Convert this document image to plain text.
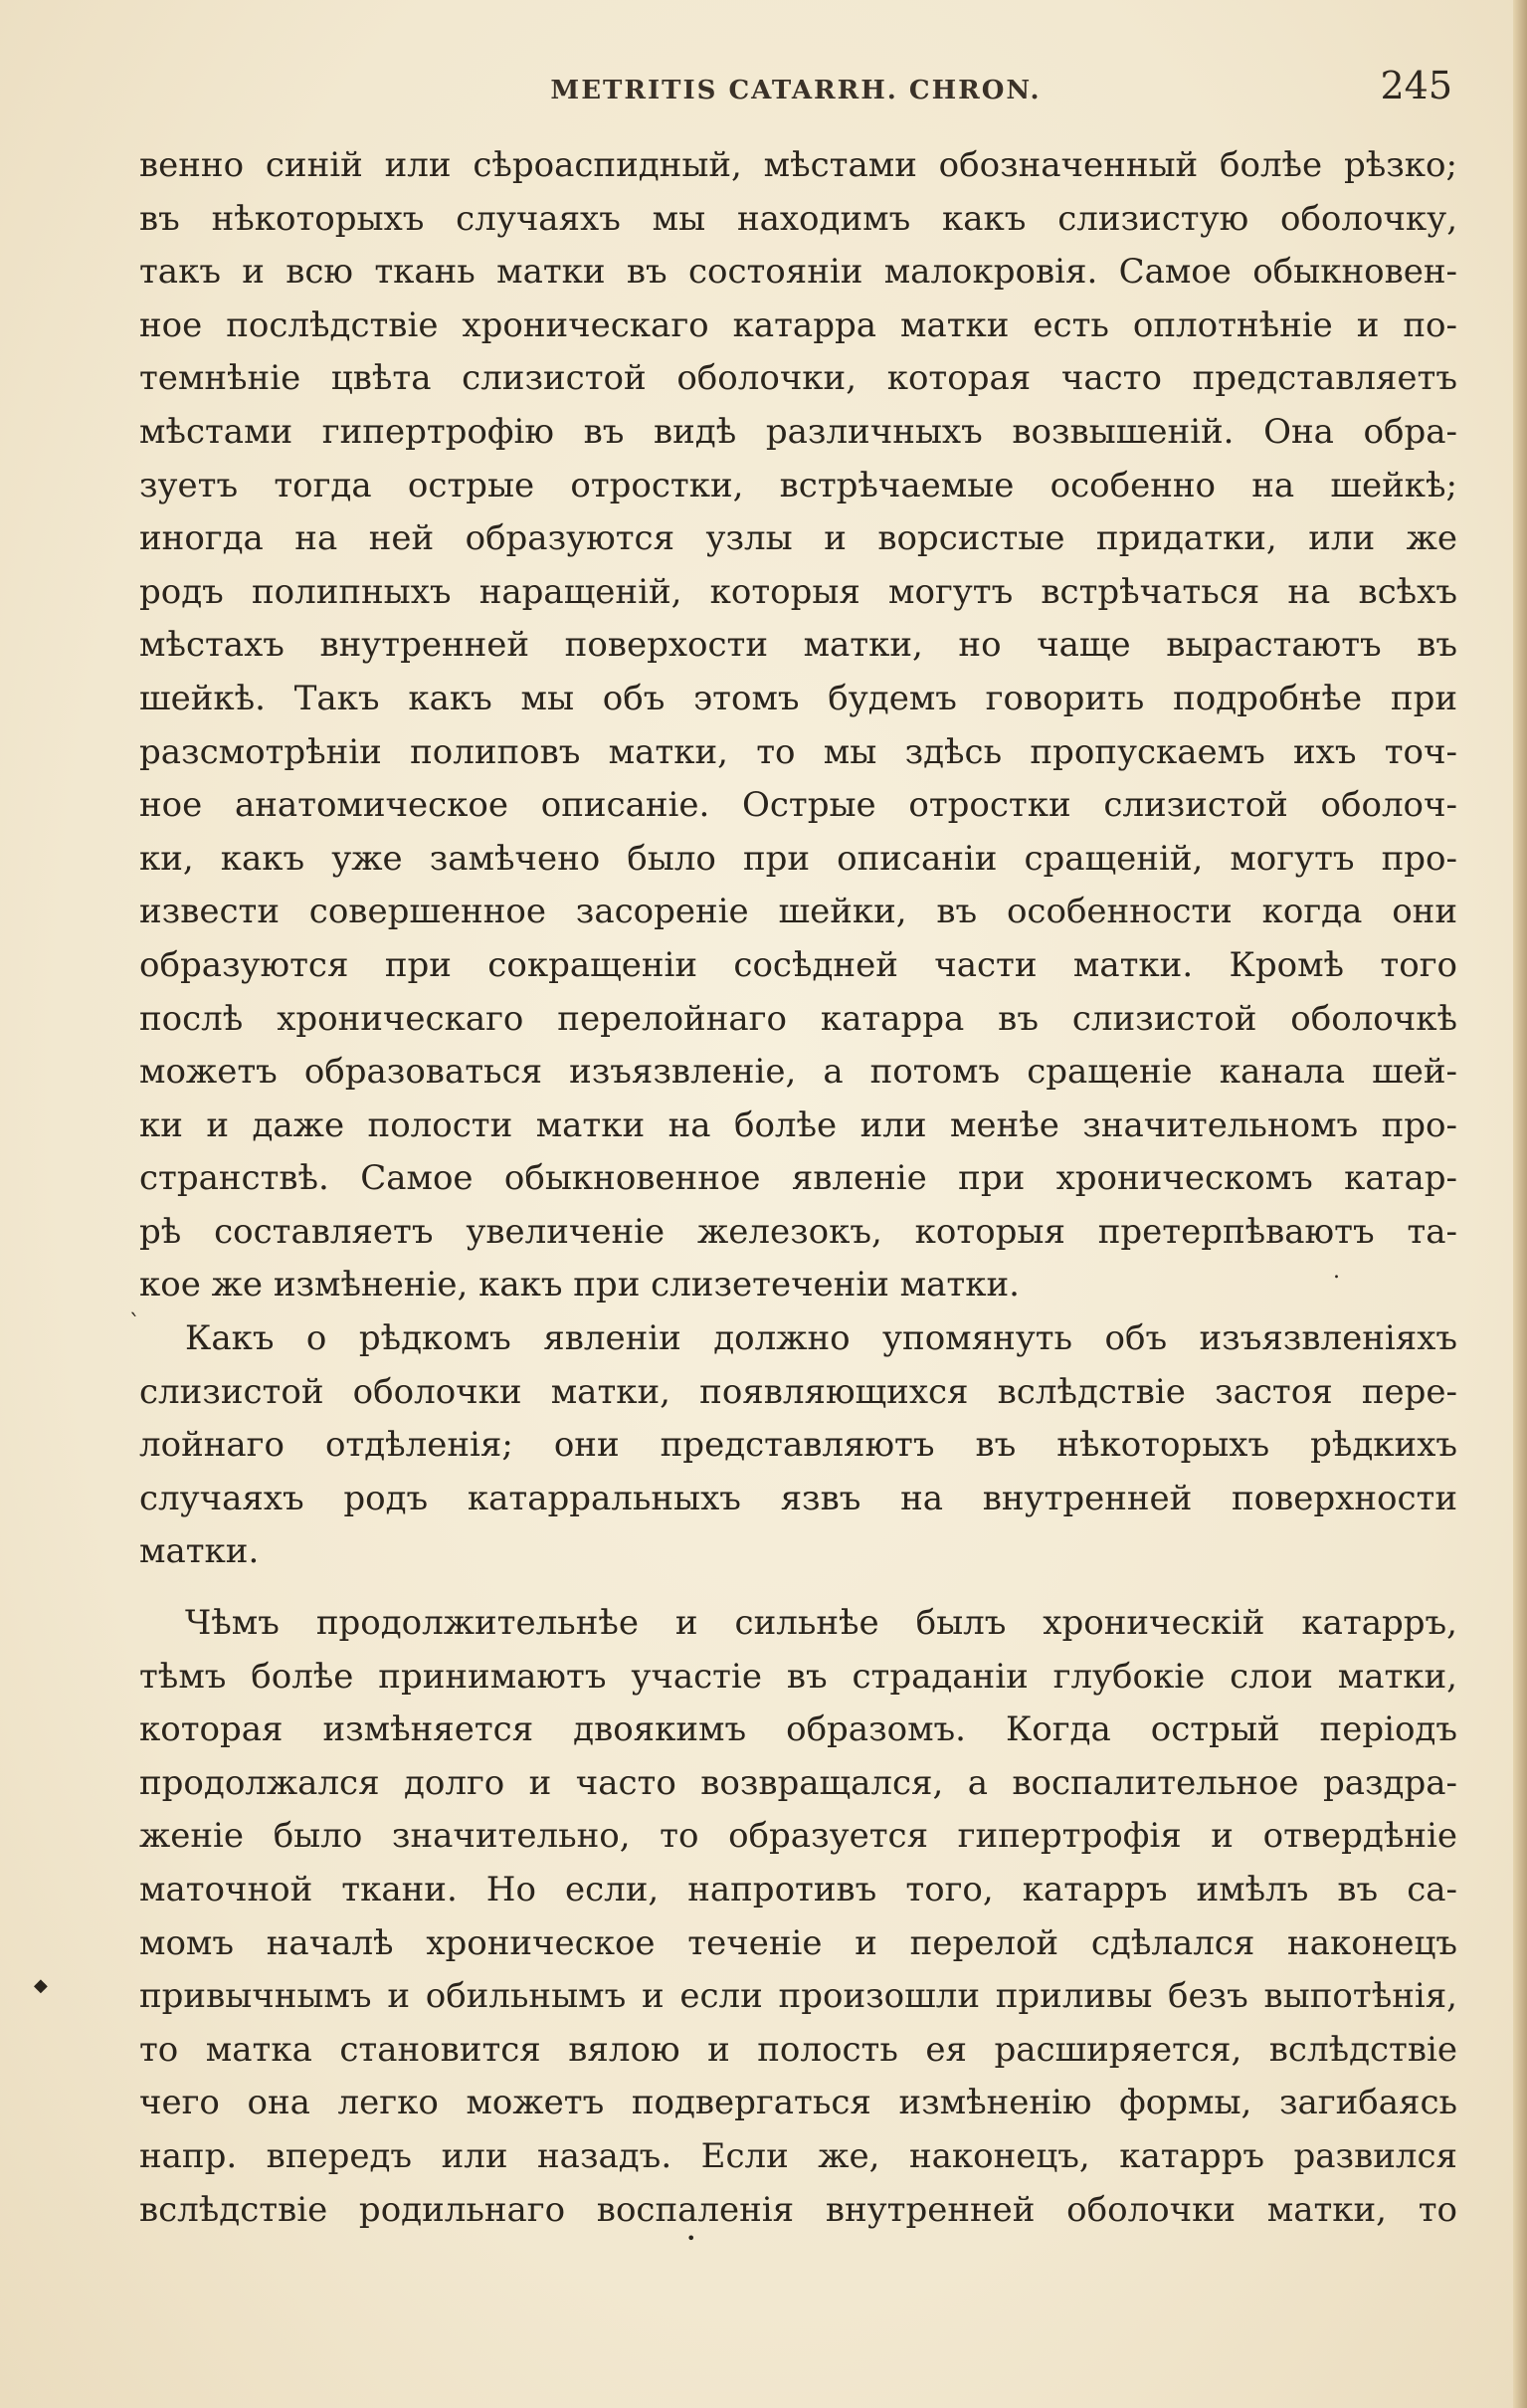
METRITIS CATARRH. CHRON.	245
венно синій или сѣроаспидный, мѣстами обозначенный болѣе рѣзко;
въ нѣкоторыхъ случаяхъ мы находимъ какъ слизистую оболочку,
такъ и всю ткань матки въ состояніи малокровія. Самое обыкновен-
ное послѣдствіе хроническаго катарра матки есть оплотнѣніе и по-
темнѣніе цвѣта слизистой оболочки, которая часто представляетъ
мѣстами гипертрофію въ видѣ различныхъ возвышеній. Она обра-
зуетъ тогда острые отростки, встрѣчаемые особенно на шейкѣ;
иногда на ней образуются узлы и ворсистые придатки, или же
родъ полипныхъ наращеній, которыя могутъ встрѣчаться на всѣхъ
мѣстахъ внутренней поверхости матки, но чаще вырастаютъ въ
шейкѣ. Такъ какъ мы объ этомъ будемъ говорить подробнѣе при
разсмотрѣніи полиповъ матки, то мы здѣсь пропускаемъ ихъ точ-
ное анатомическое описаніе. Острые отростки слизистой оболоч-
ки, какъ уже замѣчено было при описаніи сращеній, могутъ про-
извести совершенное засореніе шейки, въ особенности когда они
образуются при сокращеніи сосѣдней части матки. Кромѣ того
послѣ хроническаго перелойнаго катарра въ слизистой оболочкѣ
можетъ образоваться изъязвленіе, а потомъ сращеніе канала шей-
ки и даже полости матки на болѣе или менѣе значительномъ про-
странствѣ. Самое обыкновенное явленіе при хроническомъ катар-
рѣ составляетъ увеличеніе железокъ, которыя претерпѣваютъ та-
кое же измѣненіе, какъ при слизетеченіи матки.
Какъ о рѣдкомъ явленіи должно упомянуть объ изъязвленіяхъ
слизистой оболочки матки, появляющихся вслѣдствіе застоя пере-
лойнаго отдѣленія; они представляютъ въ нѣкоторыхъ рѣдкихъ
случаяхъ родъ катарральныхъ язвъ на внутренней поверхности
матки.
Чѣмъ продолжительнѣе и сильнѣе былъ хроническій катарръ,
тѣмъ болѣе принимаютъ участіе въ страданіи глубокіе слои матки,
которая измѣняется двоякимъ образомъ. Когда острый періодъ
продолжался долго и часто возвращался, а воспалительное раздра-
женіе было значительно, то образуется гипертрофія и отвердѣніе
маточной ткани. Но если, напротивъ того, катарръ имѣлъ въ са-
момъ началѣ хроническое теченіе и перелой сдѣлался наконецъ
привычнымъ и обильнымъ и если произошли приливы безъ выпотѣнія,
то матка становится вялою и полость ея расширяется, вслѣдствіе
чего она легко можетъ подвергаться измѣненію формы, загибаясь
напр. впередъ или назадъ. Если же, наконецъ, катарръ развился
вслѣдствіе родильнаго воспаленія внутренней оболочки матки, то
.
`
◆
•
